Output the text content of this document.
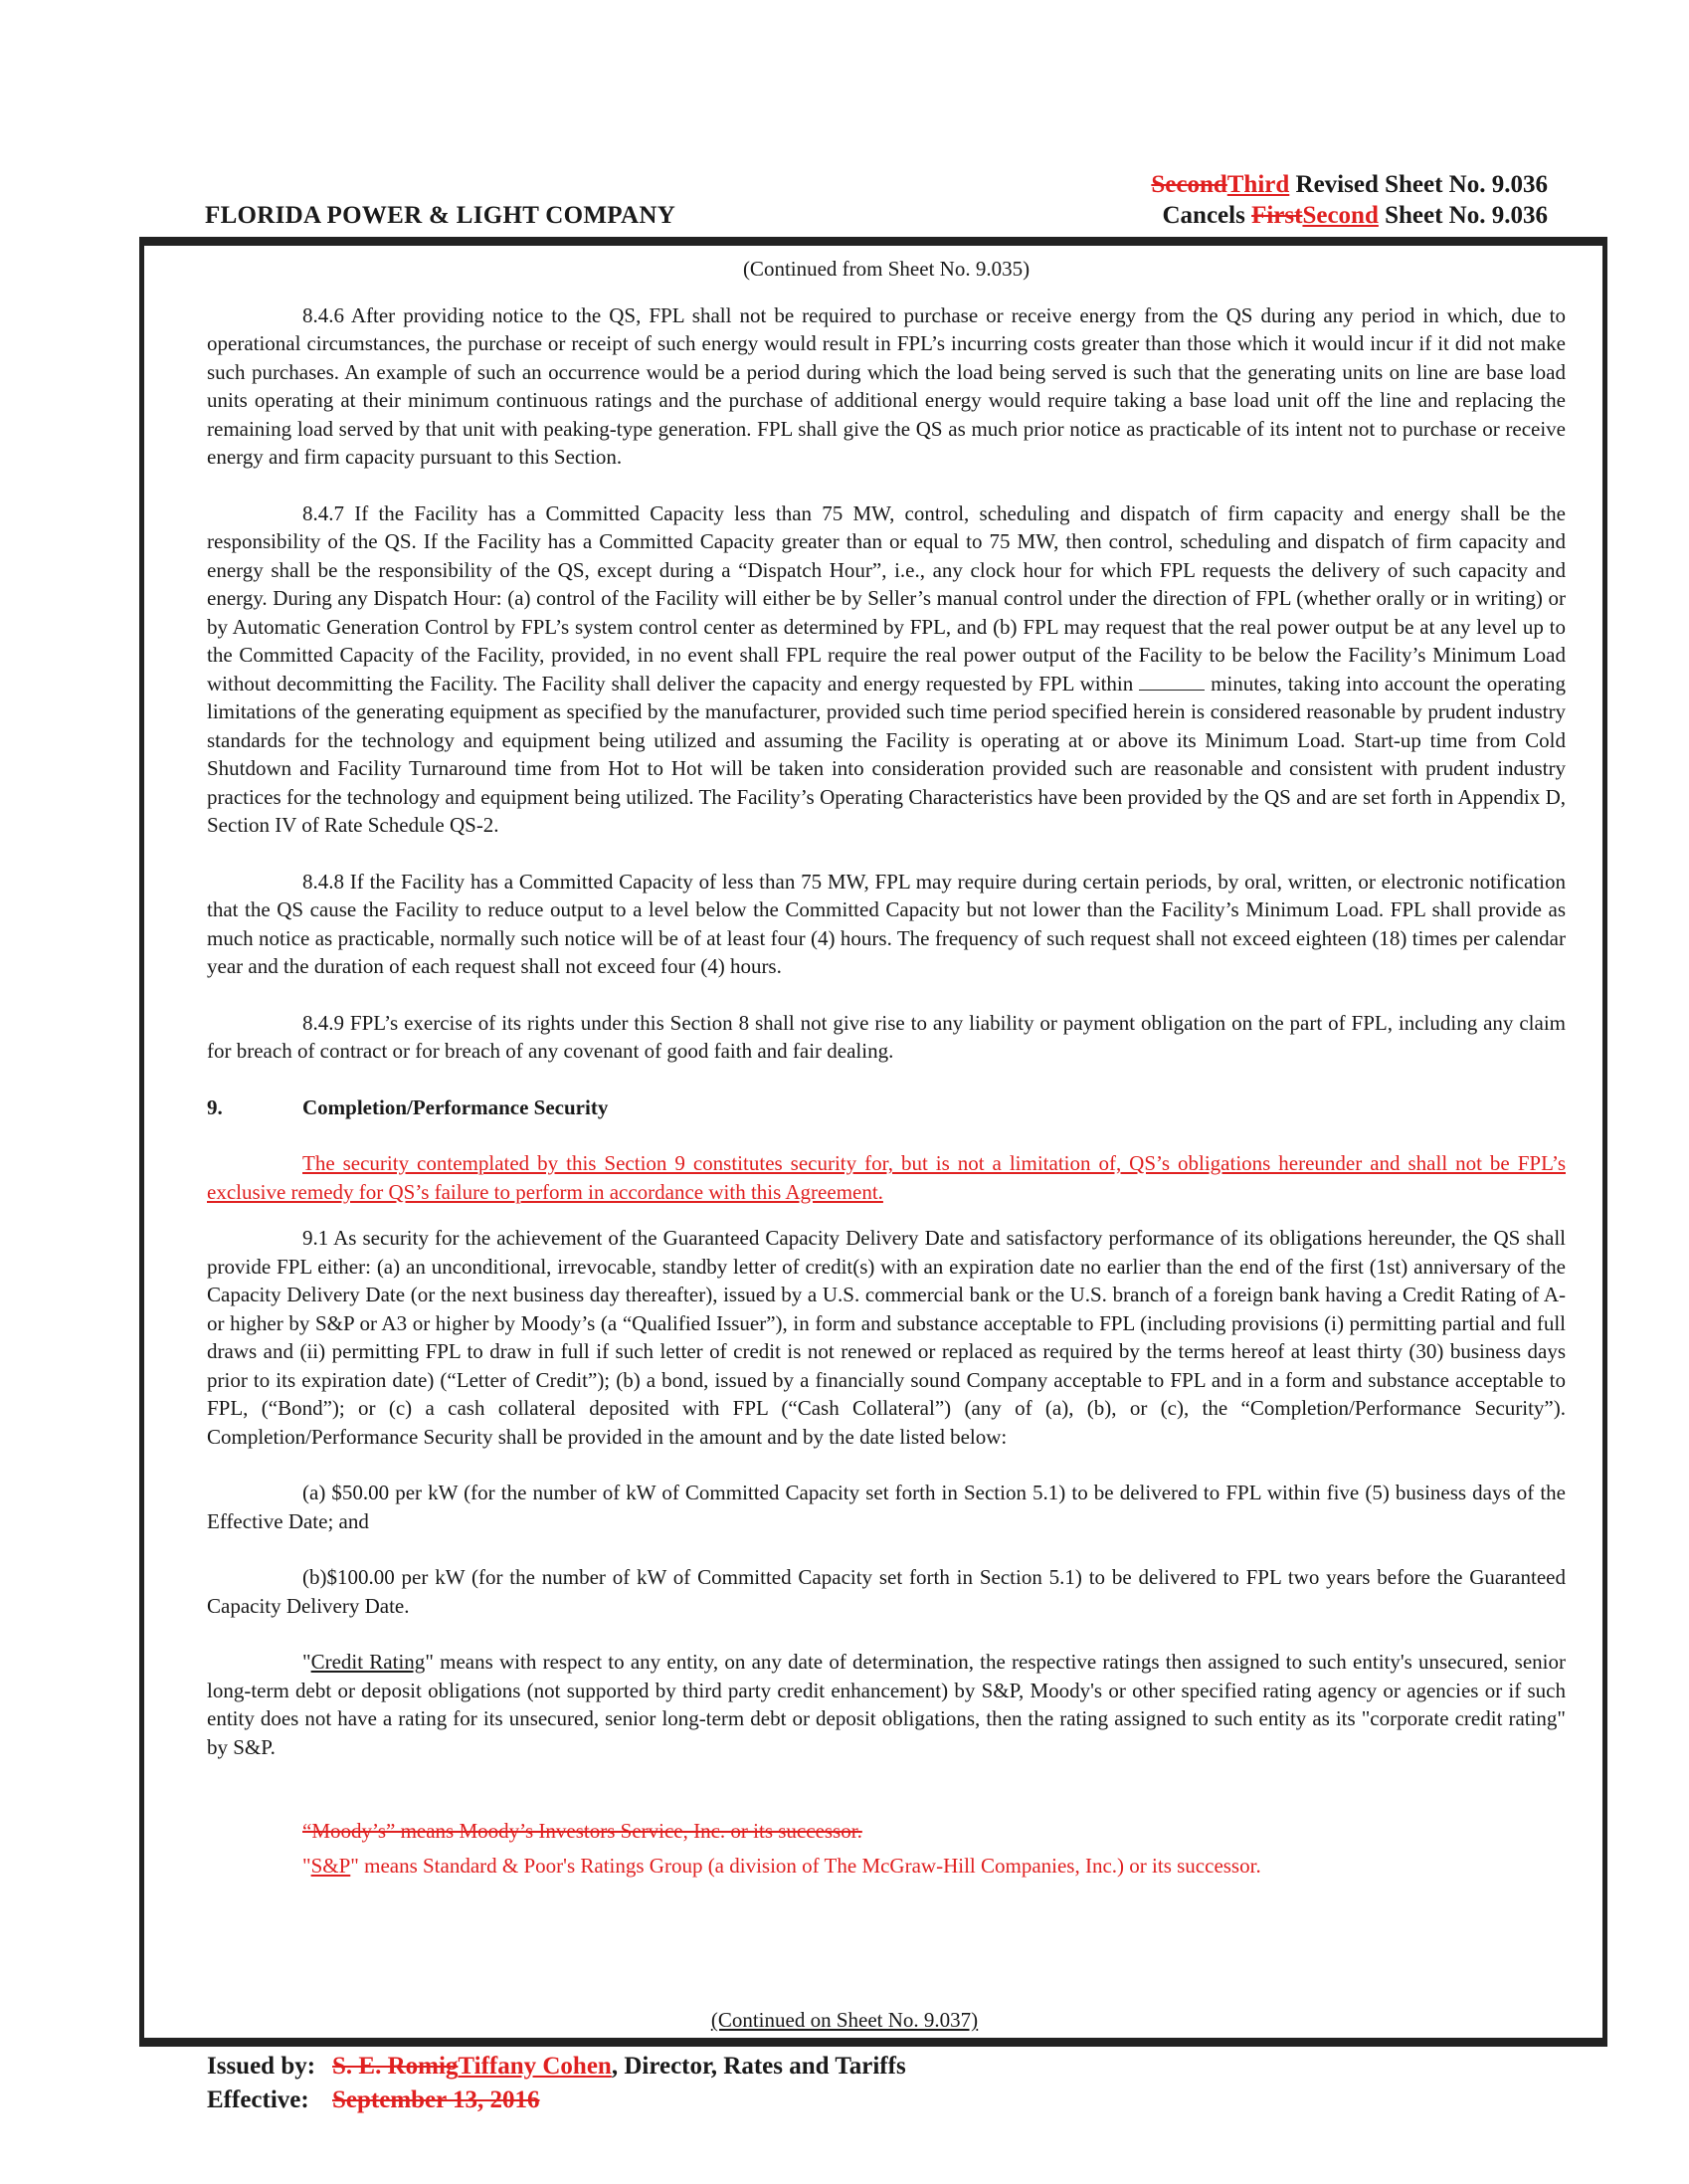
SecondThird Revised Sheet No. 9.036
Cancels FirstSecond Sheet No. 9.036
FLORIDA POWER & LIGHT COMPANY

(Continued from Sheet No. 9.035)

8.4.6 After providing notice to the QS, FPL shall not be required to purchase or receive energy from the QS during any period in which, due to operational circumstances, the purchase or receipt of such energy would result in FPL’s incurring costs greater than those which it would incur if it did not make such purchases. An example of such an occurrence would be a period during which the load being served is such that the generating units on line are base load units operating at their minimum continuous ratings and the purchase of additional energy would require taking a base load unit off the line and replacing the remaining load served by that unit with peaking-type generation. FPL shall give the QS as much prior notice as practicable of its intent not to purchase or receive energy and firm capacity pursuant to this Section.

8.4.7 If the Facility has a Committed Capacity less than 75 MW, control, scheduling and dispatch of firm capacity and energy shall be the responsibility of the QS. If the Facility has a Committed Capacity greater than or equal to 75 MW, then control, scheduling and dispatch of firm capacity and energy shall be the responsibility of the QS, except during a “Dispatch Hour”, i.e., any clock hour for which FPL requests the delivery of such capacity and energy. During any Dispatch Hour: (a) control of the Facility will either be by Seller’s manual control under the direction of FPL (whether orally or in writing) or by Automatic Generation Control by FPL’s system control center as determined by FPL, and (b) FPL may request that the real power output be at any level up to the Committed Capacity of the Facility, provided, in no event shall FPL require the real power output of the Facility to be below the Facility’s Minimum Load without decommitting the Facility. The Facility shall deliver the capacity and energy requested by FPL within	minutes, taking into account the operating limitations of the generating equipment as specified by the manufacturer, provided such time period specified herein is considered reasonable by prudent industry standards for the technology and equipment being utilized and assuming the Facility is operating at or above its Minimum Load. Start-up time from Cold Shutdown and Facility Turnaround time from Hot to Hot will be taken into consideration provided such are reasonable and consistent with prudent industry practices for the technology and equipment being utilized. The Facility’s Operating Characteristics have been provided by the QS and are set forth in Appendix D, Section IV of Rate Schedule QS-2.

8.4.8 If the Facility has a Committed Capacity of less than 75 MW, FPL may require during certain periods, by oral, written, or electronic notification that the QS cause the Facility to reduce output to a level below the Committed Capacity but not lower than the Facility’s Minimum Load. FPL shall provide as much notice as practicable, normally such notice will be of at least four (4) hours. The frequency of such request shall not exceed eighteen (18) times per calendar year and the duration of each request shall not exceed four (4) hours.

8.4.9 FPL’s exercise of its rights under this Section 8 shall not give rise to any liability or payment obligation on the part of FPL, including any claim for breach of contract or for breach of any covenant of good faith and fair dealing.

9.	Completion/Performance Security

The security contemplated by this Section 9 constitutes security for, but is not a limitation of, QS’s obligations hereunder and shall not be FPL’s exclusive remedy for QS’s failure to perform in accordance with this Agreement.

9.1 As security for the achievement of the Guaranteed Capacity Delivery Date and satisfactory performance of its obligations hereunder, the QS shall provide FPL either: (a) an unconditional, irrevocable, standby letter of credit(s) with an expiration date no earlier than the end of the first (1st) anniversary of the Capacity Delivery Date (or the next business day thereafter), issued by a U.S. commercial bank or the U.S. branch of a foreign bank having a Credit Rating of A- or higher by S&P or A3 or higher by Moody’s (a “Qualified Issuer”), in form and substance acceptable to FPL (including provisions (i) permitting partial and full draws and (ii) permitting FPL to draw in full if such letter of credit is not renewed or replaced as required by the terms hereof at least thirty (30) business days prior to its expiration date) (“Letter of Credit”); (b) a bond, issued by a financially sound Company acceptable to FPL and in a form and substance acceptable to FPL, (“Bond”); or (c) a cash collateral deposited with FPL (“Cash Collateral”) (any of (a), (b), or (c), the “Completion/Performance Security”). Completion/Performance Security shall be provided in the amount and by the date listed below:

(a) $50.00 per kW (for the number of kW of Committed Capacity set forth in Section 5.1) to be delivered to FPL within five (5) business days of the Effective Date; and

(b)$100.00 per kW (for the number of kW of Committed Capacity set forth in Section 5.1) to be delivered to FPL two years before the Guaranteed Capacity Delivery Date.

"Credit Rating" means with respect to any entity, on any date of determination, the respective ratings then assigned to such entity's unsecured, senior long-term debt or deposit obligations (not supported by third party credit enhancement) by S&P, Moody's or other specified rating agency or agencies or if such entity does not have a rating for its unsecured, senior long-term debt or deposit obligations, then the rating assigned to such entity as its "corporate credit rating" by S&P.

“Moody’s” means Moody’s Investors Service, Inc. or its successor.

"S&P" means Standard & Poor's Ratings Group (a division of The McGraw-Hill Companies, Inc.) or its successor.

(Continued on Sheet No. 9.037)
Issued by: S. E. RomigTiffany Cohen, Director, Rates and Tariffs
Effective: September 13, 2016
